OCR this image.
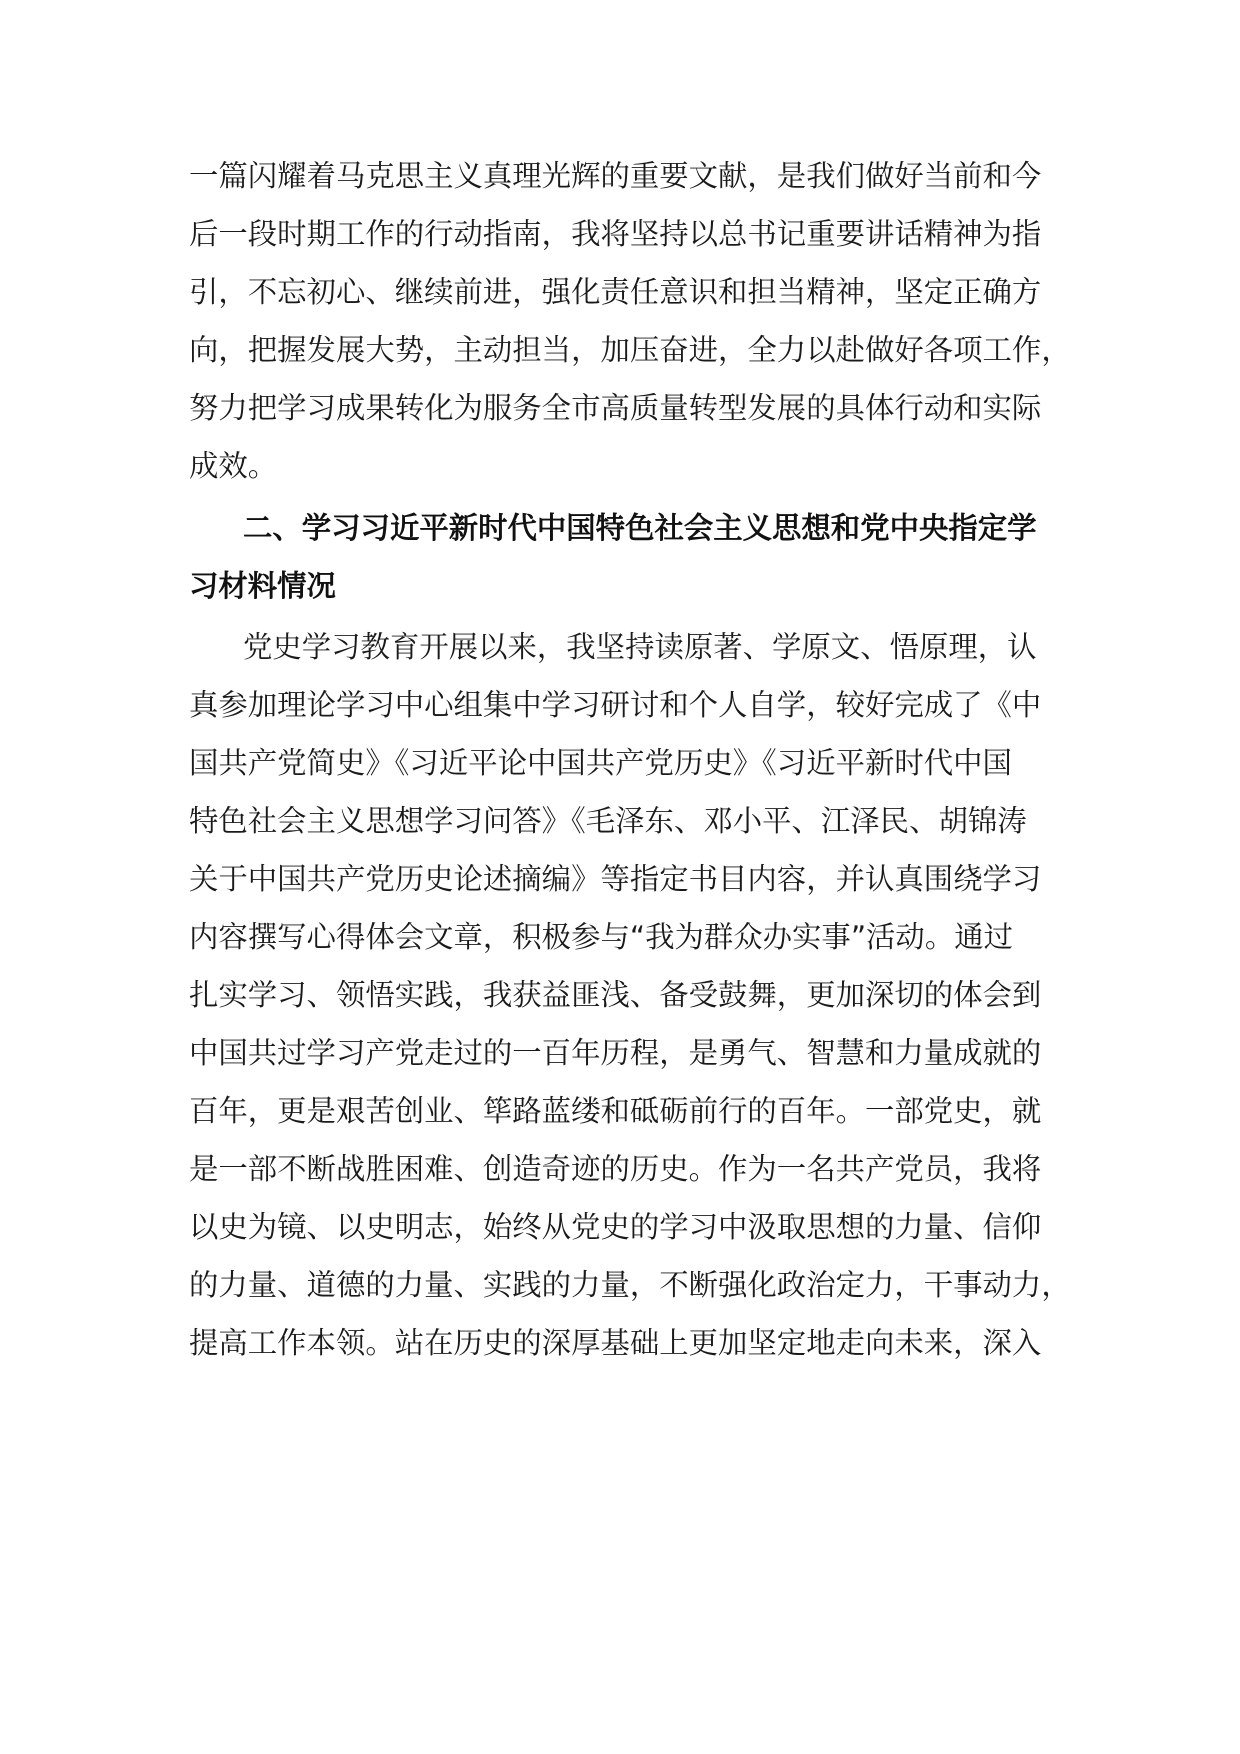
一篇闪耀着马克思主义真理光辉的重要文献，是我们做好当前和今
后一段时期工作的行动指南，我将坚持以总书记重要讲话精神为指
引，不忘初心、继续前进，强化责任意识和担当精神，坚定正确方
向，把握发展大势，主动担当，加压奋进，全力以赴做好各项工作，
努力把学习成果转化为服务全市高质量转型发展的具体行动和实际
成效。
二、学习习近平新时代中国特色社会主义思想和党中央指定学
习材料情况
党史学习教育开展以来，我坚持读原著、学原文、悟原理，认
真参加理论学习中心组集中学习研讨和个人自学，较好完成了《中
国共产党简史》《习近平论中国共产党历史》《习近平新时代中国
特色社会主义思想学习问答》《毛泽东、邓小平、江泽民、胡锦涛
关于中国共产党历史论述摘编》等指定书目内容，并认真围绕学习
内容撰写心得体会文章，积极参与“我为群众办实事”活动。通过
扎实学习、领悟实践，我获益匪浅、备受鼓舞，更加深切的体会到
中国共过学习产党走过的一百年历程，是勇气、智慧和力量成就的
百年，更是艰苦创业、筚路蓝缕和砥砺前行的百年。一部党史，就
是一部不断战胜困难、创造奇迹的历史。作为一名共产党员，我将
以史为镜、以史明志，始终从党史的学习中汲取思想的力量、信仰
的力量、道德的力量、实践的力量，不断强化政治定力，干事动力，
提高工作本领。站在历史的深厚基础上更加坚定地走向未来，深入
